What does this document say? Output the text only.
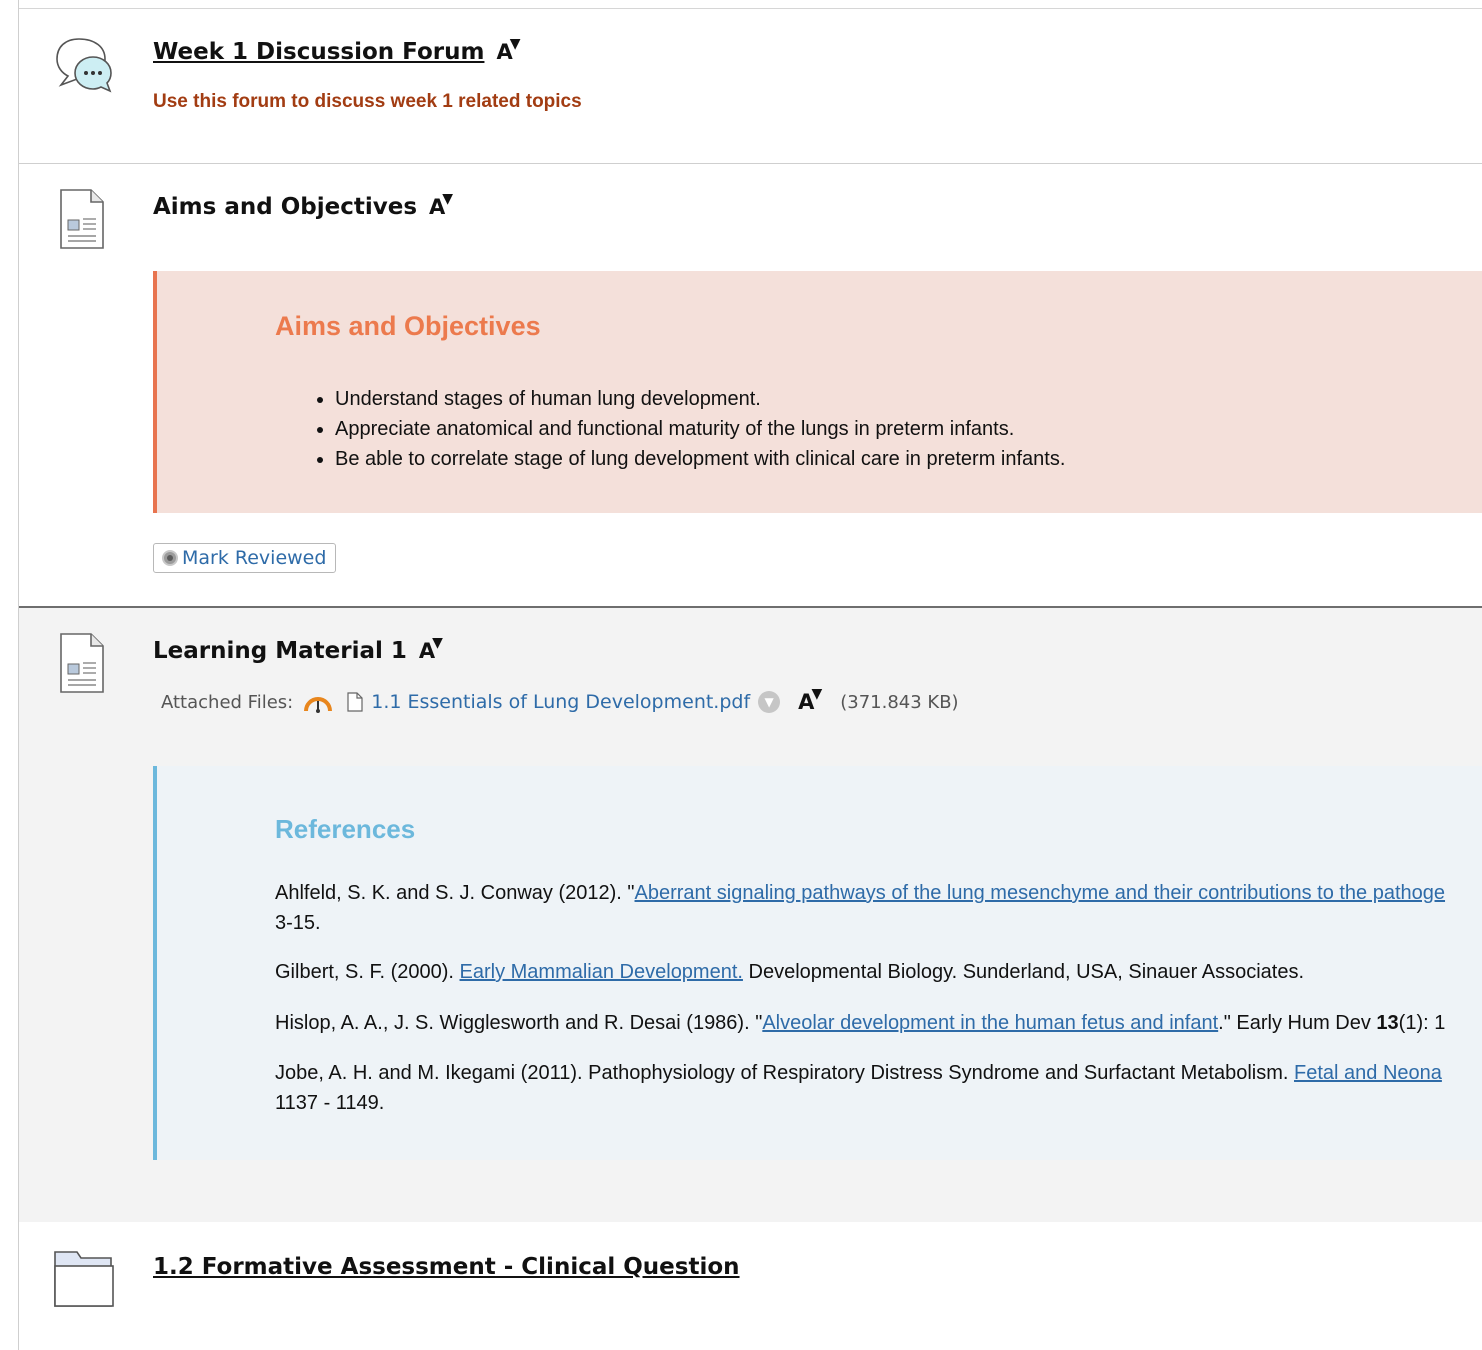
Week 1 Discussion Forum A
▼
Use this forum to discuss week 1 related topics
Aims and Objectives A
▼
Aims and Objectives
• Understand stages of human lung development.
• Appreciate anatomical and functional maturity of the lungs in preterm infants.
• Be able to correlate stage of lung development with clinical care in preterm infants.
Mark Reviewed
Learning Material 1 A
▼
Attached Files:	1.1 Essentials of Lung Development.pdf	▼	A
▼ (371.843 KB)
References
Ahlfeld, S. K. and S. J. Conway (2012). "Aberrant signaling pathways of the lung mesenchyme and their contributions to the pathoge
3-15.
Gilbert, S. F. (2000). Early Mammalian Development. Developmental Biology. Sunderland, USA, Sinauer Associates.
Hislop, A. A., J. S. Wigglesworth and R. Desai (1986). "Alveolar development in the human fetus and infant." Early Hum Dev 13(1): 1
Jobe, A. H. and M. Ikegami (2011). Pathophysiology of Respiratory Distress Syndrome and Surfactant Metabolism. Fetal and Neona
1137 - 1149.
1.2 Formative Assessment - Clinical Question
